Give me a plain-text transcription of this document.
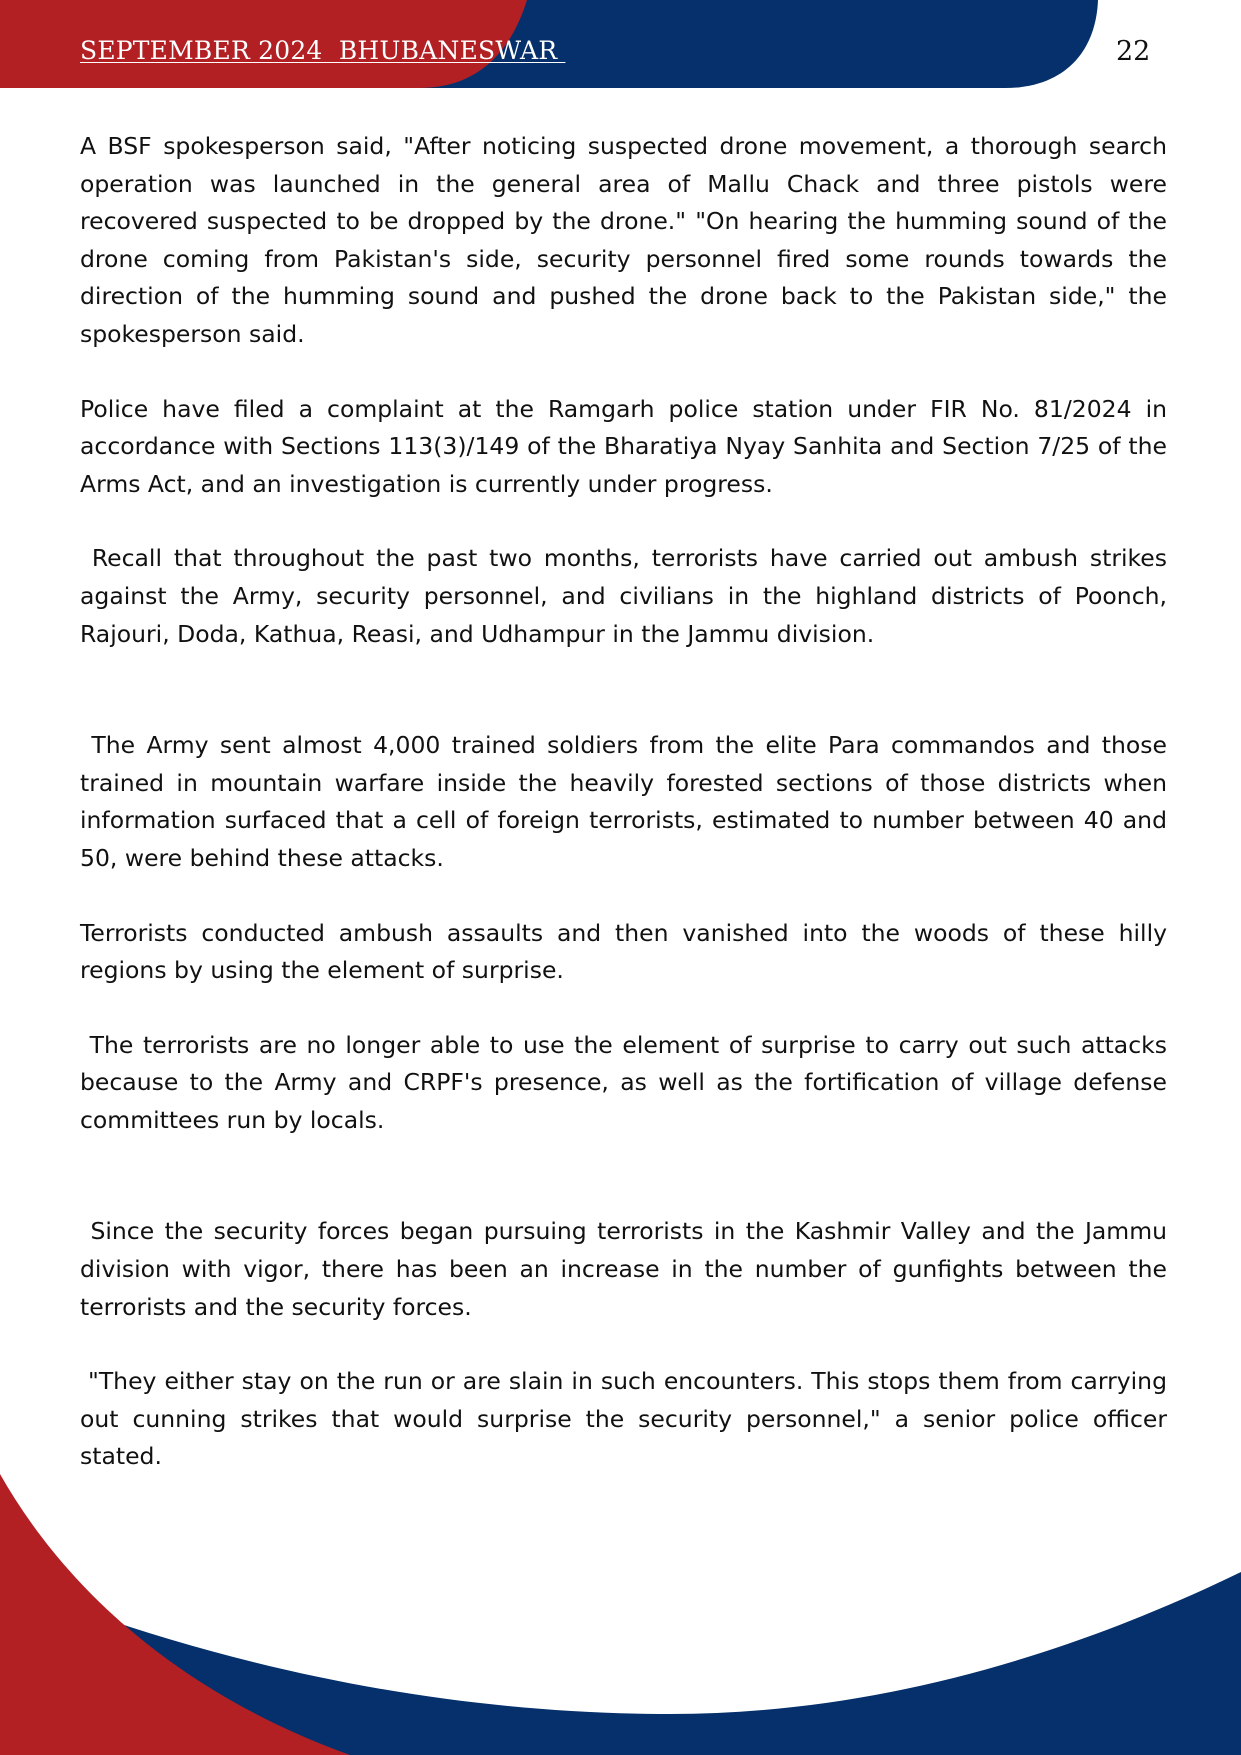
SEPTEMBER 2024  BHUBANESWAR	22

A BSF spokesperson said, "After noticing suspected drone movement, a thorough search operation was launched in the general area of Mallu Chack and three pistols were recovered suspected to be dropped by the drone." "On hearing the humming sound of the drone coming from Pakistan's side, security personnel fired some rounds towards the direction of the humming sound and pushed the drone back to the Pakistan side," the spokesperson said.

Police have filed a complaint at the Ramgarh police station under FIR No. 81/2024 in accordance with Sections 113(3)/149 of the Bharatiya Nyay Sanhita and Section 7/25 of the Arms Act, and an investigation is currently under progress.

Recall that throughout the past two months, terrorists have carried out ambush strikes against the Army, security personnel, and civilians in the highland districts of Poonch, Rajouri, Doda, Kathua, Reasi, and Udhampur in the Jammu division.

The Army sent almost 4,000 trained soldiers from the elite Para commandos and those trained in mountain warfare inside the heavily forested sections of those districts when information surfaced that a cell of foreign terrorists, estimated to number between 40 and 50, were behind these attacks.

Terrorists conducted ambush assaults and then vanished into the woods of these hilly regions by using the element of surprise.

The terrorists are no longer able to use the element of surprise to carry out such attacks because to the Army and CRPF's presence, as well as the fortification of village defense committees run by locals.

Since the security forces began pursuing terrorists in the Kashmir Valley and the Jammu division with vigor, there has been an increase in the number of gunfights between the terrorists and the security forces.

"They either stay on the run or are slain in such encounters. This stops them from carrying out cunning strikes that would surprise the security personnel," a senior police officer stated.
